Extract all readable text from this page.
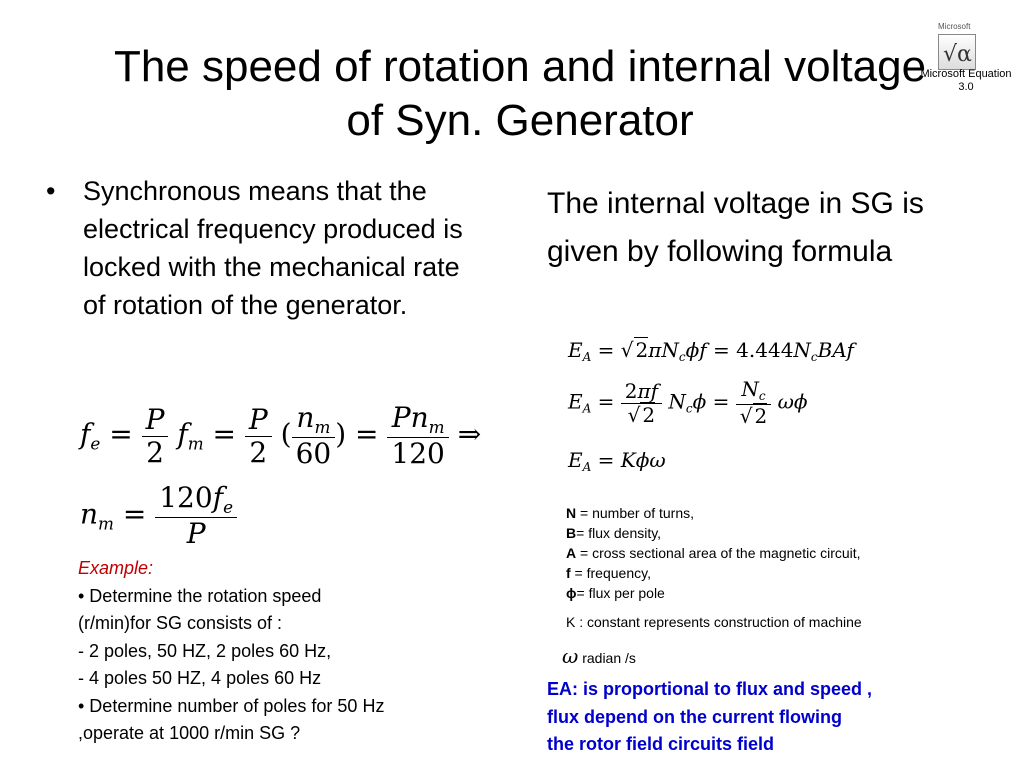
The speed of rotation and internal voltage
of Syn. Generator
Microsoft
√α
Microsoft Equation
3.0
• Synchronous means that the electrical frequency produced is locked with the mechanical rate of rotation of the generator.
$f_e = \frac{P}{2} f_m = \frac{P}{2}$ ( $\frac{n_m}{60}$ ) = $\frac{Pn_m}{120}$ ⇒
$n_m = \frac{120f_e}{P}$
Example:
• Determine the rotation speed
(r/min)for SG consists of :
- 2 poles, 50 HZ, 2 poles 60 Hz,
- 4 poles 50 HZ, 4 poles 60 Hz
• Determine number of poles for 50 Hz
,operate at 1000 r/min SG ?
The internal voltage in SG is given by following formula
$E_A$ = √ $2\pi N_c\phi f = 4.444N_cBAf$
$E_A = \frac{2\pi f}{√ 2} N_c\phi = \frac{N_c}{√ 2}$ ωϕ
$E_A = K\phi\omega$
N = number of turns,
B= flux density,
A = cross sectional area of the magnetic circuit,
f = frequency,
ϕ= flux per pole
K : constant represents construction of machine
ω radian /s
EA: is proportional to flux and speed ,
flux depend on the current flowing
the rotor field circuits field
